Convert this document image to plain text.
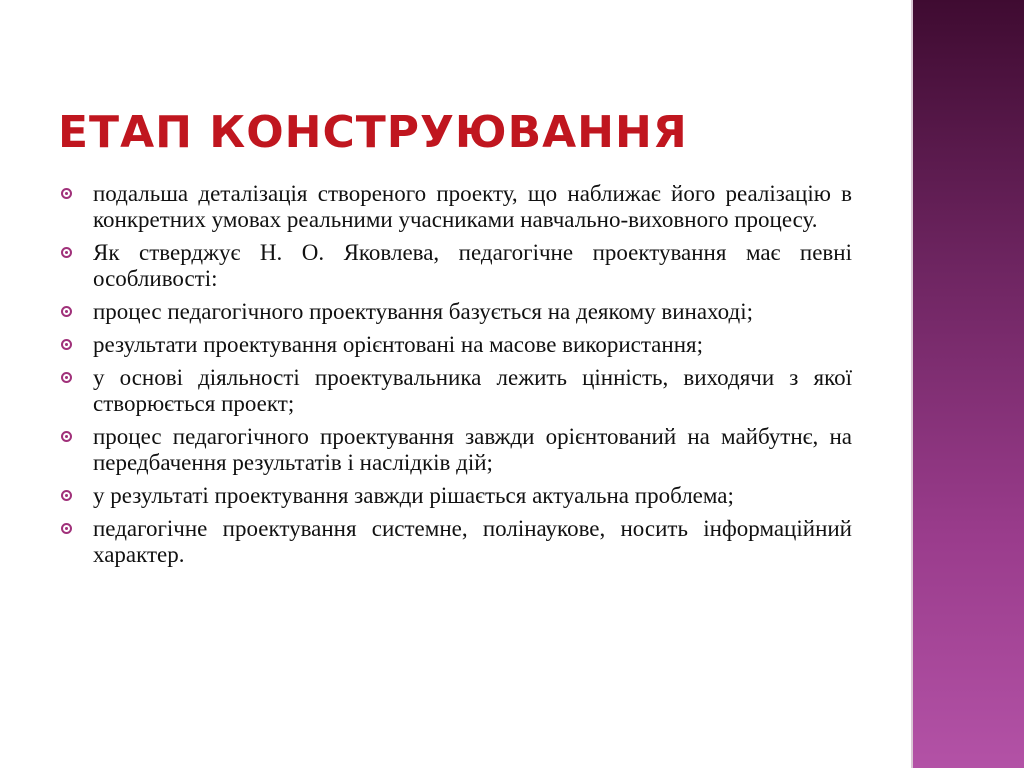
ЕТАП КОНСТРУЮВАННЯ
подальша деталізація створеного проекту, що наближає його реалізацію в конкретних умовах реальними учасниками навчально-виховного процесу.
Як стверджує Н. О. Яковлева, педагогічне проектування має певні особливості:
процес педагогічного проектування базується на деякому винаході;
результати проектування орієнтовані на масове використання;
у основі діяльності проектувальника лежить цінність, виходячи з якої створюється проект;
процес педагогічного проектування завжди орієнтований на майбутнє, на передбачення результатів і наслідків дій;
у результаті проектування завжди рішається актуальна проблема;
педагогічне проектування системне, полінаукове, носить інформаційний характер.
